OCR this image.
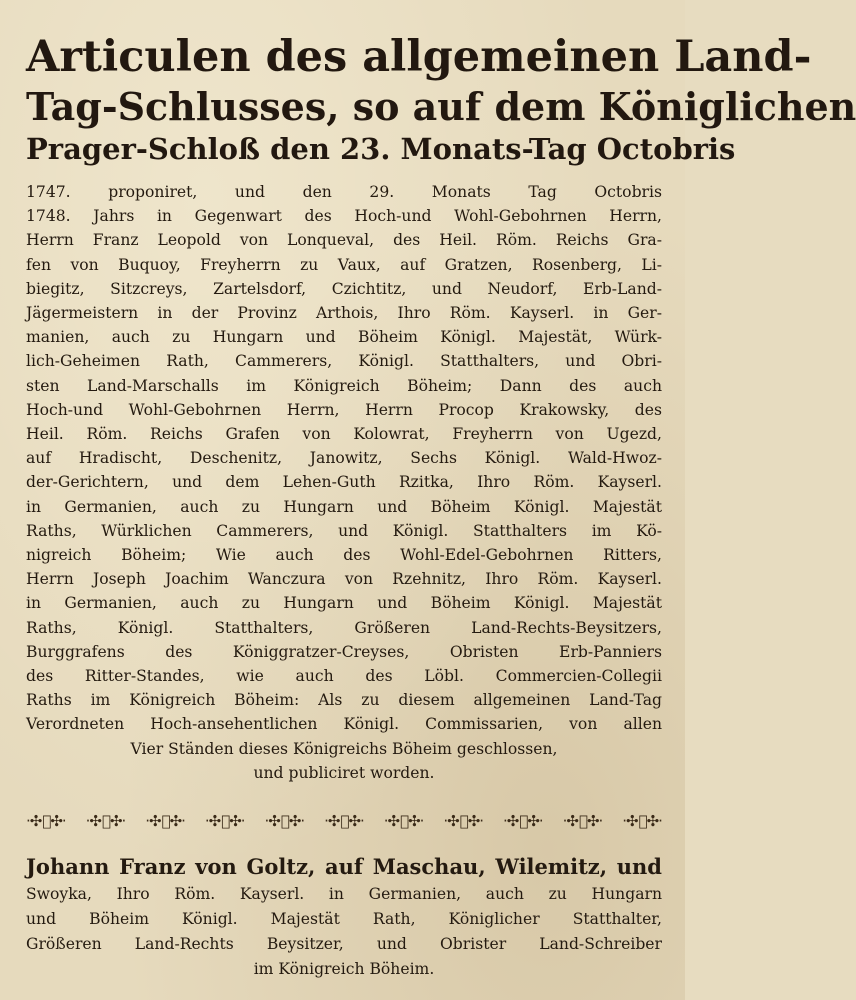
Articulen des allgemeinen Land-
Tag-Schlusses, so auf dem Königlichen
Prager-Schloß den 23. Monats-Tag Octobris
1747. proponiret, und den 29. Monats Tag Octobris
1748. Jahrs in Gegenwart des Hoch-und Wohl-Gebohrnen Herrn,
Herrn Franz Leopold von Lonqueval, des Heil. Röm. Reichs Gra-
fen von Buquoy, Freyherrn zu Vaux, auf Gratzen, Rosenberg, Li-
biegitz, Sitzcreys, Zartelsdorf, Czichtitz, und Neudorf, Erb-Land-
Jägermeistern in der Provinz Arthois, Ihro Röm. Kayserl. in Ger-
manien, auch zu Hungarn und Böheim Königl. Majestät, Würk-
lich-Geheimen Rath, Cammerers, Königl. Statthalters, und Obri-
sten Land-Marschalls im Königreich Böheim; Dann des auch
Hoch-und Wohl-Gebohrnen Herrn, Herrn Procop Krakowsky, des
Heil. Röm. Reichs Grafen von Kolowrat, Freyherrn von Ugezd,
auf Hradischt, Deschenitz, Janowitz, Sechs Königl. Wald-Hwoz-
der-Gerichtern, und dem Lehen-Guth Rzitka, Ihro Röm. Kayserl.
in Germanien, auch zu Hungarn und Böheim Königl. Majestät
Raths, Würklichen Cammerers, und Königl. Statthalters im Kö-
nigreich Böheim; Wie auch des Wohl-Edel-Gebohrnen Ritters,
Herrn Joseph Joachim Wanczura von Rzehnitz, Ihro Röm. Kayserl.
in Germanien, auch zu Hungarn und Böheim Königl. Majestät
Raths, Königl. Statthalters, Größeren Land-Rechts-Beysitzers,
Burggrafens des Königgratzer-Creyses, Obristen Erb-Panniers
des Ritter-Standes, wie auch des Löbl. Commercien-Collegii
Raths im Königreich Böheim: Als zu diesem allgemeinen Land-Tag
Verordneten Hoch-ansehentlichen Königl. Commissarien, von allen
Vier Ständen dieses Königreichs Böheim geschlossen,
und publiciret worden.
·✣꙰✣· ·✣꙰✣· ·✣꙰✣· ·✣꙰✣· ·✣꙰✣· ·✣꙰✣· ·✣꙰✣· ·✣꙰✣· ·✣꙰✣· ·✣꙰✣· ·✣꙰✣·
Johann Franz von Goltz, auf Maschau, Wilemitz, und
Swoyka, Ihro Röm. Kayserl. in Germanien, auch zu Hungarn
und Böheim Königl. Majestät Rath, Königlicher Statthalter,
Größeren Land-Rechts Beysitzer, und Obrister Land-Schreiber
im Königreich Böheim.
